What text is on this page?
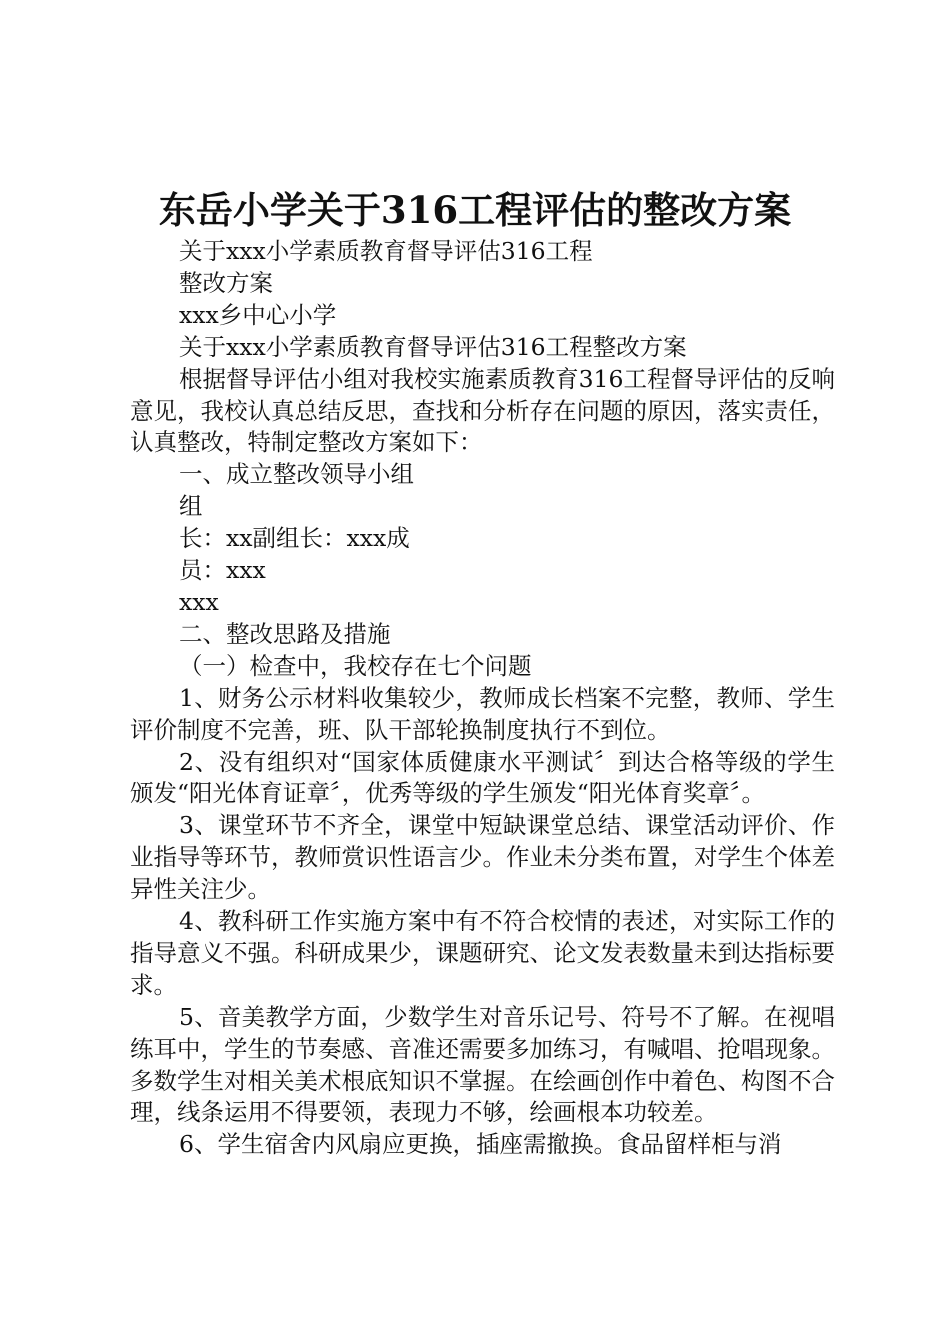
东岳小学关于316工程评估的整改方案

关于xxx小学素质教育督导评估316工程

整改方案

xxx乡中心小学

关于xxx小学素质教育督导评估316工程整改方案

根据督导评估小组对我校实施素质教育316工程督导评估的反响意见，我校认真总结反思，查找和分析存在问题的原因，落实责任，认真整改，特制定整改方案如下：

一、成立整改领导小组

组

长：xx副组长：xxx成

员：xxx

xxx

二、整改思路及措施

（一）检查中，我校存在七个问题

1、财务公示材料收集较少，教师成长档案不完整，教师、学生评价制度不完善，班、队干部轮换制度执行不到位。

2、没有组织对“国家体质健康水平测试〞到达合格等级的学生颁发“阳光体育证章〞，优秀等级的学生颁发“阳光体育奖章〞。

3、课堂环节不齐全，课堂中短缺课堂总结、课堂活动评价、作业指导等环节，教师赏识性语言少。作业未分类布置，对学生个体差异性关注少。

4、教科研工作实施方案中有不符合校情的表述，对实际工作的指导意义不强。科研成果少，课题研究、论文发表数量未到达指标要求。

5、音美教学方面，少数学生对音乐记号、符号不了解。在视唱练耳中，学生的节奏感、音准还需要多加练习，有喊唱、抢唱现象。多数学生对相关美术根底知识不掌握。在绘画创作中着色、构图不合理，线条运用不得要领，表现力不够，绘画根本功较差。

6、学生宿舍内风扇应更换，插座需撤换。食品留样柜与消
